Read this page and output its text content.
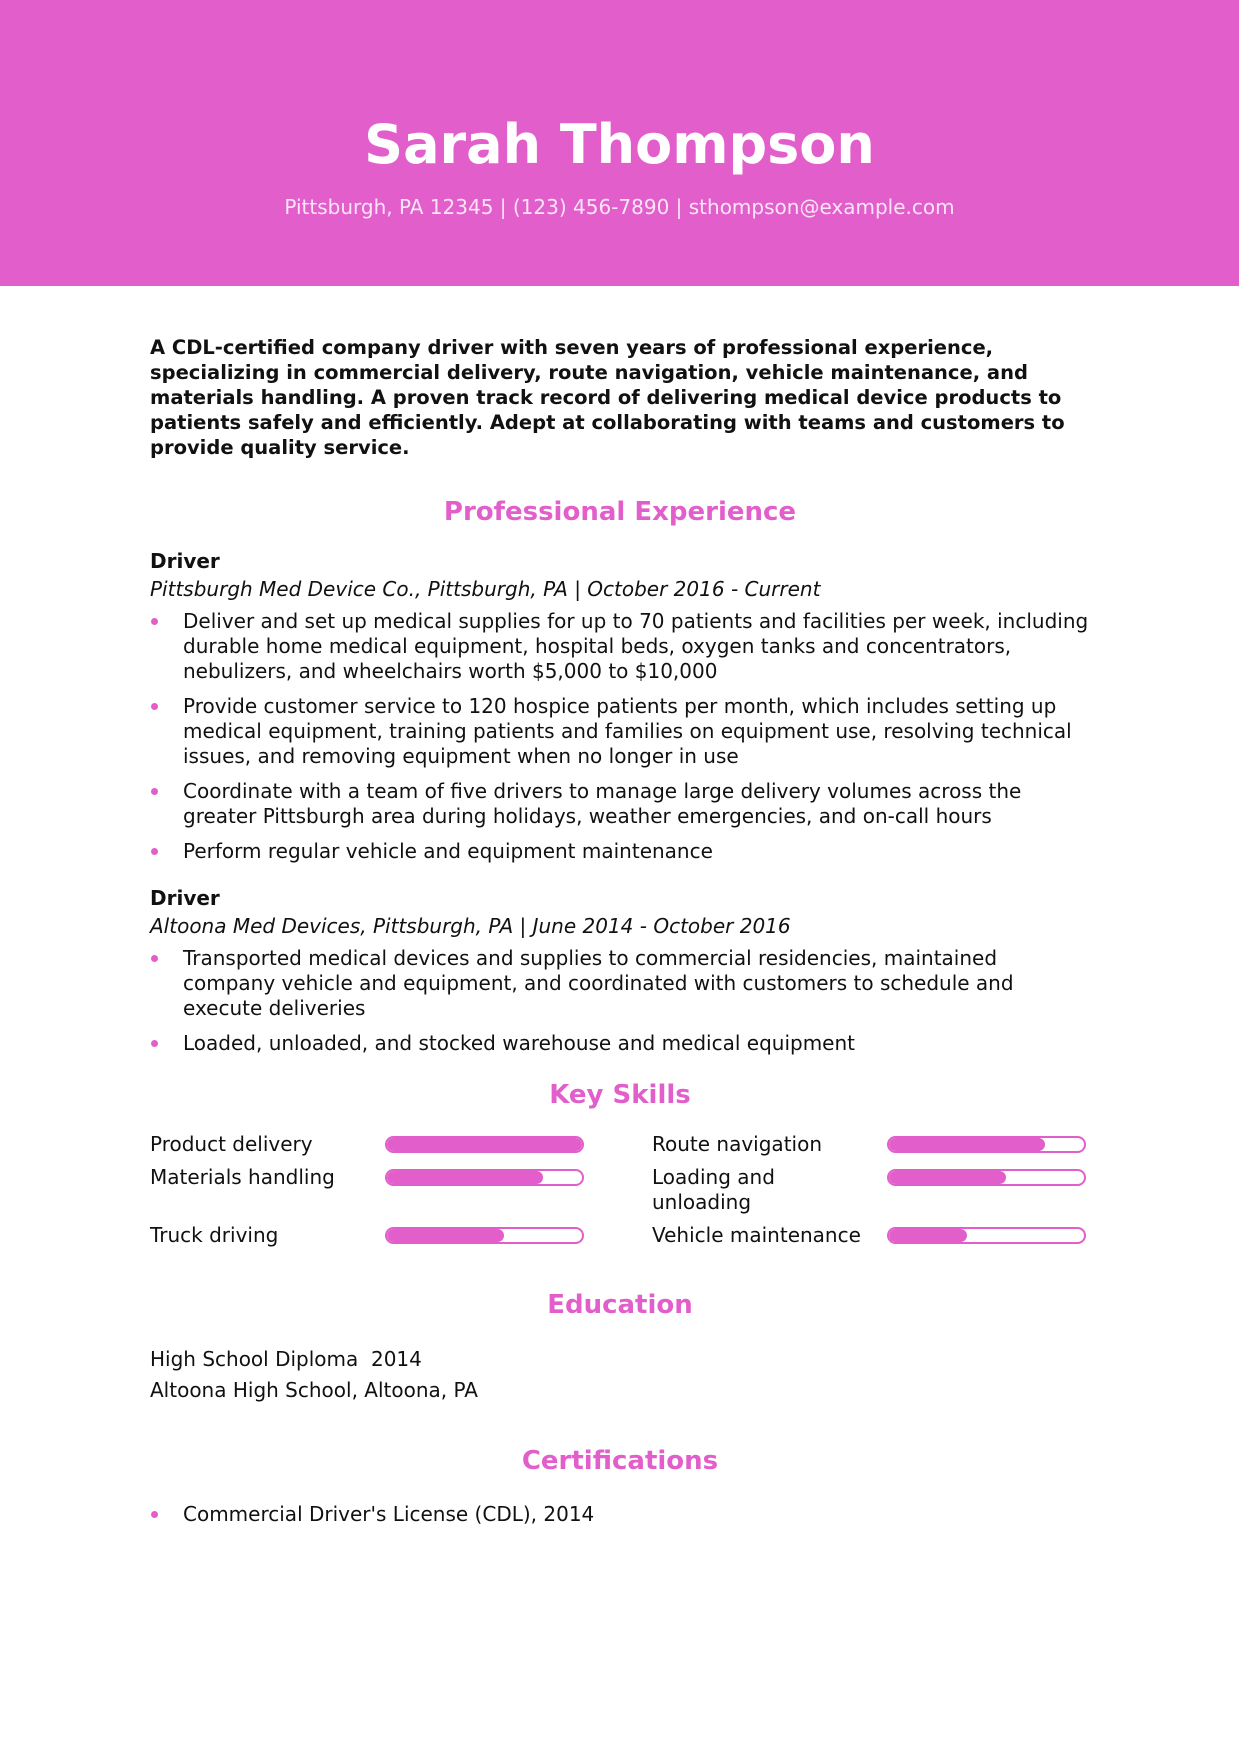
Sarah Thompson
Pittsburgh, PA 12345 | (123) 456-7890 | sthompson@example.com

A CDL-certified company driver with seven years of professional experience, specializing in commercial delivery, route navigation, vehicle maintenance, and materials handling. A proven track record of delivering medical device products to patients safely and efficiently. Adept at collaborating with teams and customers to provide quality service.

Professional Experience

Driver

Pittsburgh Med Device Co., Pittsburgh, PA | October 2016 - Current

Deliver and set up medical supplies for up to 70 patients and facilities per week, including durable home medical equipment, hospital beds, oxygen tanks and concentrators, nebulizers, and wheelchairs worth $5,000 to $10,000
Provide customer service to 120 hospice patients per month, which includes setting up medical equipment, training patients and families on equipment use, resolving technical issues, and removing equipment when no longer in use
Coordinate with a team of five drivers to manage large delivery volumes across the greater Pittsburgh area during holidays, weather emergencies, and on-call hours
Perform regular vehicle and equipment maintenance

Driver

Altoona Med Devices, Pittsburgh, PA | June 2014 - October 2016

Transported medical devices and supplies to commercial residencies, maintained company vehicle and equipment, and coordinated with customers to schedule and execute deliveries
Loaded, unloaded, and stocked warehouse and medical equipment
Key Skills
Product delivery	Route navigation
Materials handling	Loading and unloading
Truck driving	Vehicle maintenance
Education

High School Diploma  2014

Altoona High School, Altoona, PA

Certifications
Commercial Driver's License (CDL), 2014
